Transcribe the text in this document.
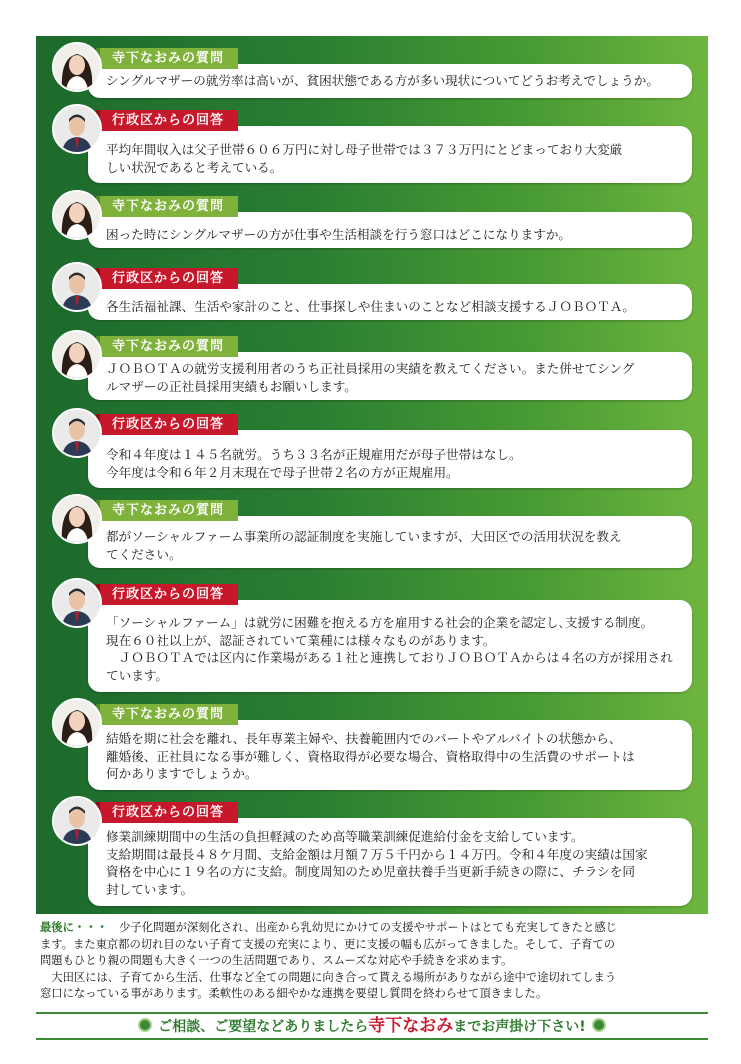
寺下なおみの質問
シングルマザーの就労率は高いが、貧困状態である方が多い現状についてどうお考えでしょうか。
行政区からの回答
平均年間収入は父子世帯６０６万円に対し母子世帯では３７３万円にとどまっており大変厳
しい状況であると考えている。
寺下なおみの質問
困った時にシングルマザーの方が仕事や生活相談を行う窓口はどこになりますか。
行政区からの回答
各生活福祉課、生活や家計のこと、仕事探しや住まいのことなど相談支援するＪＯＢＯＴＡ。
寺下なおみの質問
ＪＯＢＯＴＡの就労支援利用者のうち正社員採用の実績を教えてください。また併せてシング
ルマザーの正社員採用実績もお願いします。
行政区からの回答
令和４年度は１４５名就労。うち３３名が正規雇用だが母子世帯はなし。
今年度は令和６年２月末現在で母子世帯２名の方が正規雇用。
寺下なおみの質問
都がソーシャルファーム事業所の認証制度を実施していますが、大田区での活用状況を教え
てください。
行政区からの回答
「ソーシャルファーム」は就労に困難を抱える方を雇用する社会的企業を認定し､支援する制度。
現在６０社以上が、認証されていて業種には様々なものがあります。
　ＪＯＢＯＴＡでは区内に作業場がある１社と連携しておりＪＯＢＯＴＡからは４名の方が採用され
ています。
寺下なおみの質問
結婚を期に社会を離れ、長年専業主婦や、扶養範囲内でのパートやアルバイトの状態から、
離婚後、正社員になる事が難しく、資格取得が必要な場合、資格取得中の生活費のサポートは
何かありますでしょうか。
行政区からの回答
修業訓練期間中の生活の負担軽減のため高等職業訓練促進給付金を支給しています。
支給期間は最長４８ケ月間、支給金額は月額７万５千円から１４万円。令和４年度の実績は国家
資格を中心に１９名の方に支給。制度周知のため児童扶養手当更新手続きの際に、チラシを同
封しています。
最後に・・・　少子化問題が深刻化され、出産から乳幼児にかけての支援やサポートはとても充実してきたと感じ
ます。また東京都の切れ目のない子育て支援の充実により、更に支援の幅も広がってきました。そして、子育ての
問題もひとり親の問題も大きく一つの生活問題であり、スムーズな対応や手続きを求めます。
　大田区には、子育てから生活、仕事など全ての問題に向き合って貰える場所がありながら途中で途切れてしまう
窓口になっている事があります。柔軟性のある細やかな連携を要望し質問を終わらせて頂きました。
ご相談、ご要望などありましたら寺下なおみまでお声掛け下さい!
